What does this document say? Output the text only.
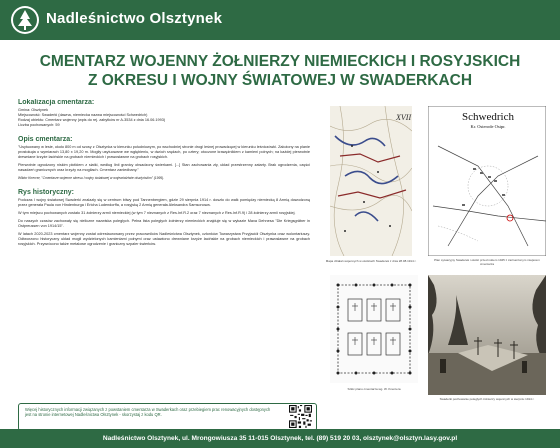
Nadleśnictwo Olsztynek
CMENTARZ WOJENNY ŻOŁNIERZY NIEMIECKICH I ROSYJSKICH
Z OKRESU I WOJNY ŚWIATOWEJ W SWADERKACH
Lokalizacja cmentarza:
Gmina: Olsztynek
Miejscowość: Swaderki (dawna, niemiecka nazwa miejscowości Schwedrich)
Rodzaj obiektu: Cmentarz wojenny (wpis do rej. zabytków nr A-3534 z dnia 16.06.1993)
Liczba pochowanych: 59
Opis cmentarza:
"Usytuowany w lesie, około 800 m od szosy z Olsztynka w kierunku południowym, po wschodniej stronie drogi leśnej prowadzącej w kierunku leśniczówki. Założony na planie prostokąta o wymiarach 13,80 x 19,20 m. Mogiły usytuowane we wgłębieniu, w dwóch rzędach, po cztery; otoczone krawężnikiem z kamieni polnych; na każdej pierwotnie drewniane krzyże łacińskie na grobach niemieckich i prawosławne na grobach rosyjskich.
Pierwotnie ogrodzony niskim płotkiem z siatki, według linii granicy obsadzony świerkami. [...] Stan zachowania zły, układ przestrzenny zatarty. Brak ogrodzenia, części nasadzeń granicznych oraz krzyży na mogiłach. Cmentarz zaniedbany."
Wiktor Knercer, "Cmentarze wojenne okresu I wojny światowej w województwie olsztyńskim" (1995).
Rys historyczny:
Podczas I wojny światowej Swaderki znalazły się w centrum bitwy pod Tannenbergiem, gdzie 29 sierpnia 1914 r. doszło do walk pomiędzy niemiecką 8 Armią dowodzoną przez generała Paula von Hindenburga i Ericha Ludendorffa, a rosyjską 2 Armią generała Aleksandra Samsonowa.
W tym miejscu pochowanych zostało 31 żołnierzy armii niemieckiej (w tym 7 nieznanych z Res.Inf.R.2 oraz 7 nieznanych z Res.Inf.R.9) i 28 żołnierzy armii rosyjskiej.
Do naszych czasów zachowały się nieliczne nazwiska poległych. Pełna lista poległych żołnierzy niemieckich znajduje się w wykazie Maxa Dehnesa "Die Kriegsgräber in Ostpreussen von 1914/15".
W latach 2020-2023 cmentarz wojenny został odrestaurowany przez pracowników Nadleśnictwa Olsztynek, członków Towarzystwa Przyjaciół Olsztynka oraz wolontariuszy. Odtworzono historyczny układ mogił wydzielonych kamieniami polnymi oraz ustawiono drewniane krzyże łacińskie na grobach niemieckich i prawosławne na grobach rosyjskich. Przywrócono także metalowe ogrodzenie i graniczny szpaler świerków.
Więcej historycznych informacji związanych z powstaniem cmentarza w Swaderkach oraz przebiegiem prac renowacyjnych dostępnych jest na stronie internetowej Nadleśnictwa Olsztynek - skorzystaj z kodu QR.
XVII
Mapa działań wojennych w okolicach Swaderek z dnia 28.08.1914 r.
Schwedrich
Kr. Osterode Ostpr.
Plan sytuacyjny Swaderek i okolic przed rokiem 1945 z zaznaczonym miejscem cmentarza
Szkic planu cmentarza wg. W. Knercera
Swaderki pochowanie poległych żołnierzy wojennych w sierpniu 1914 r.
Nadleśnictwo Olsztynek, ul. Mrongowiusza 35 11-015 Olsztynek, tel. (89) 519 20 03, olsztynek@olsztyn.lasy.gov.pl
